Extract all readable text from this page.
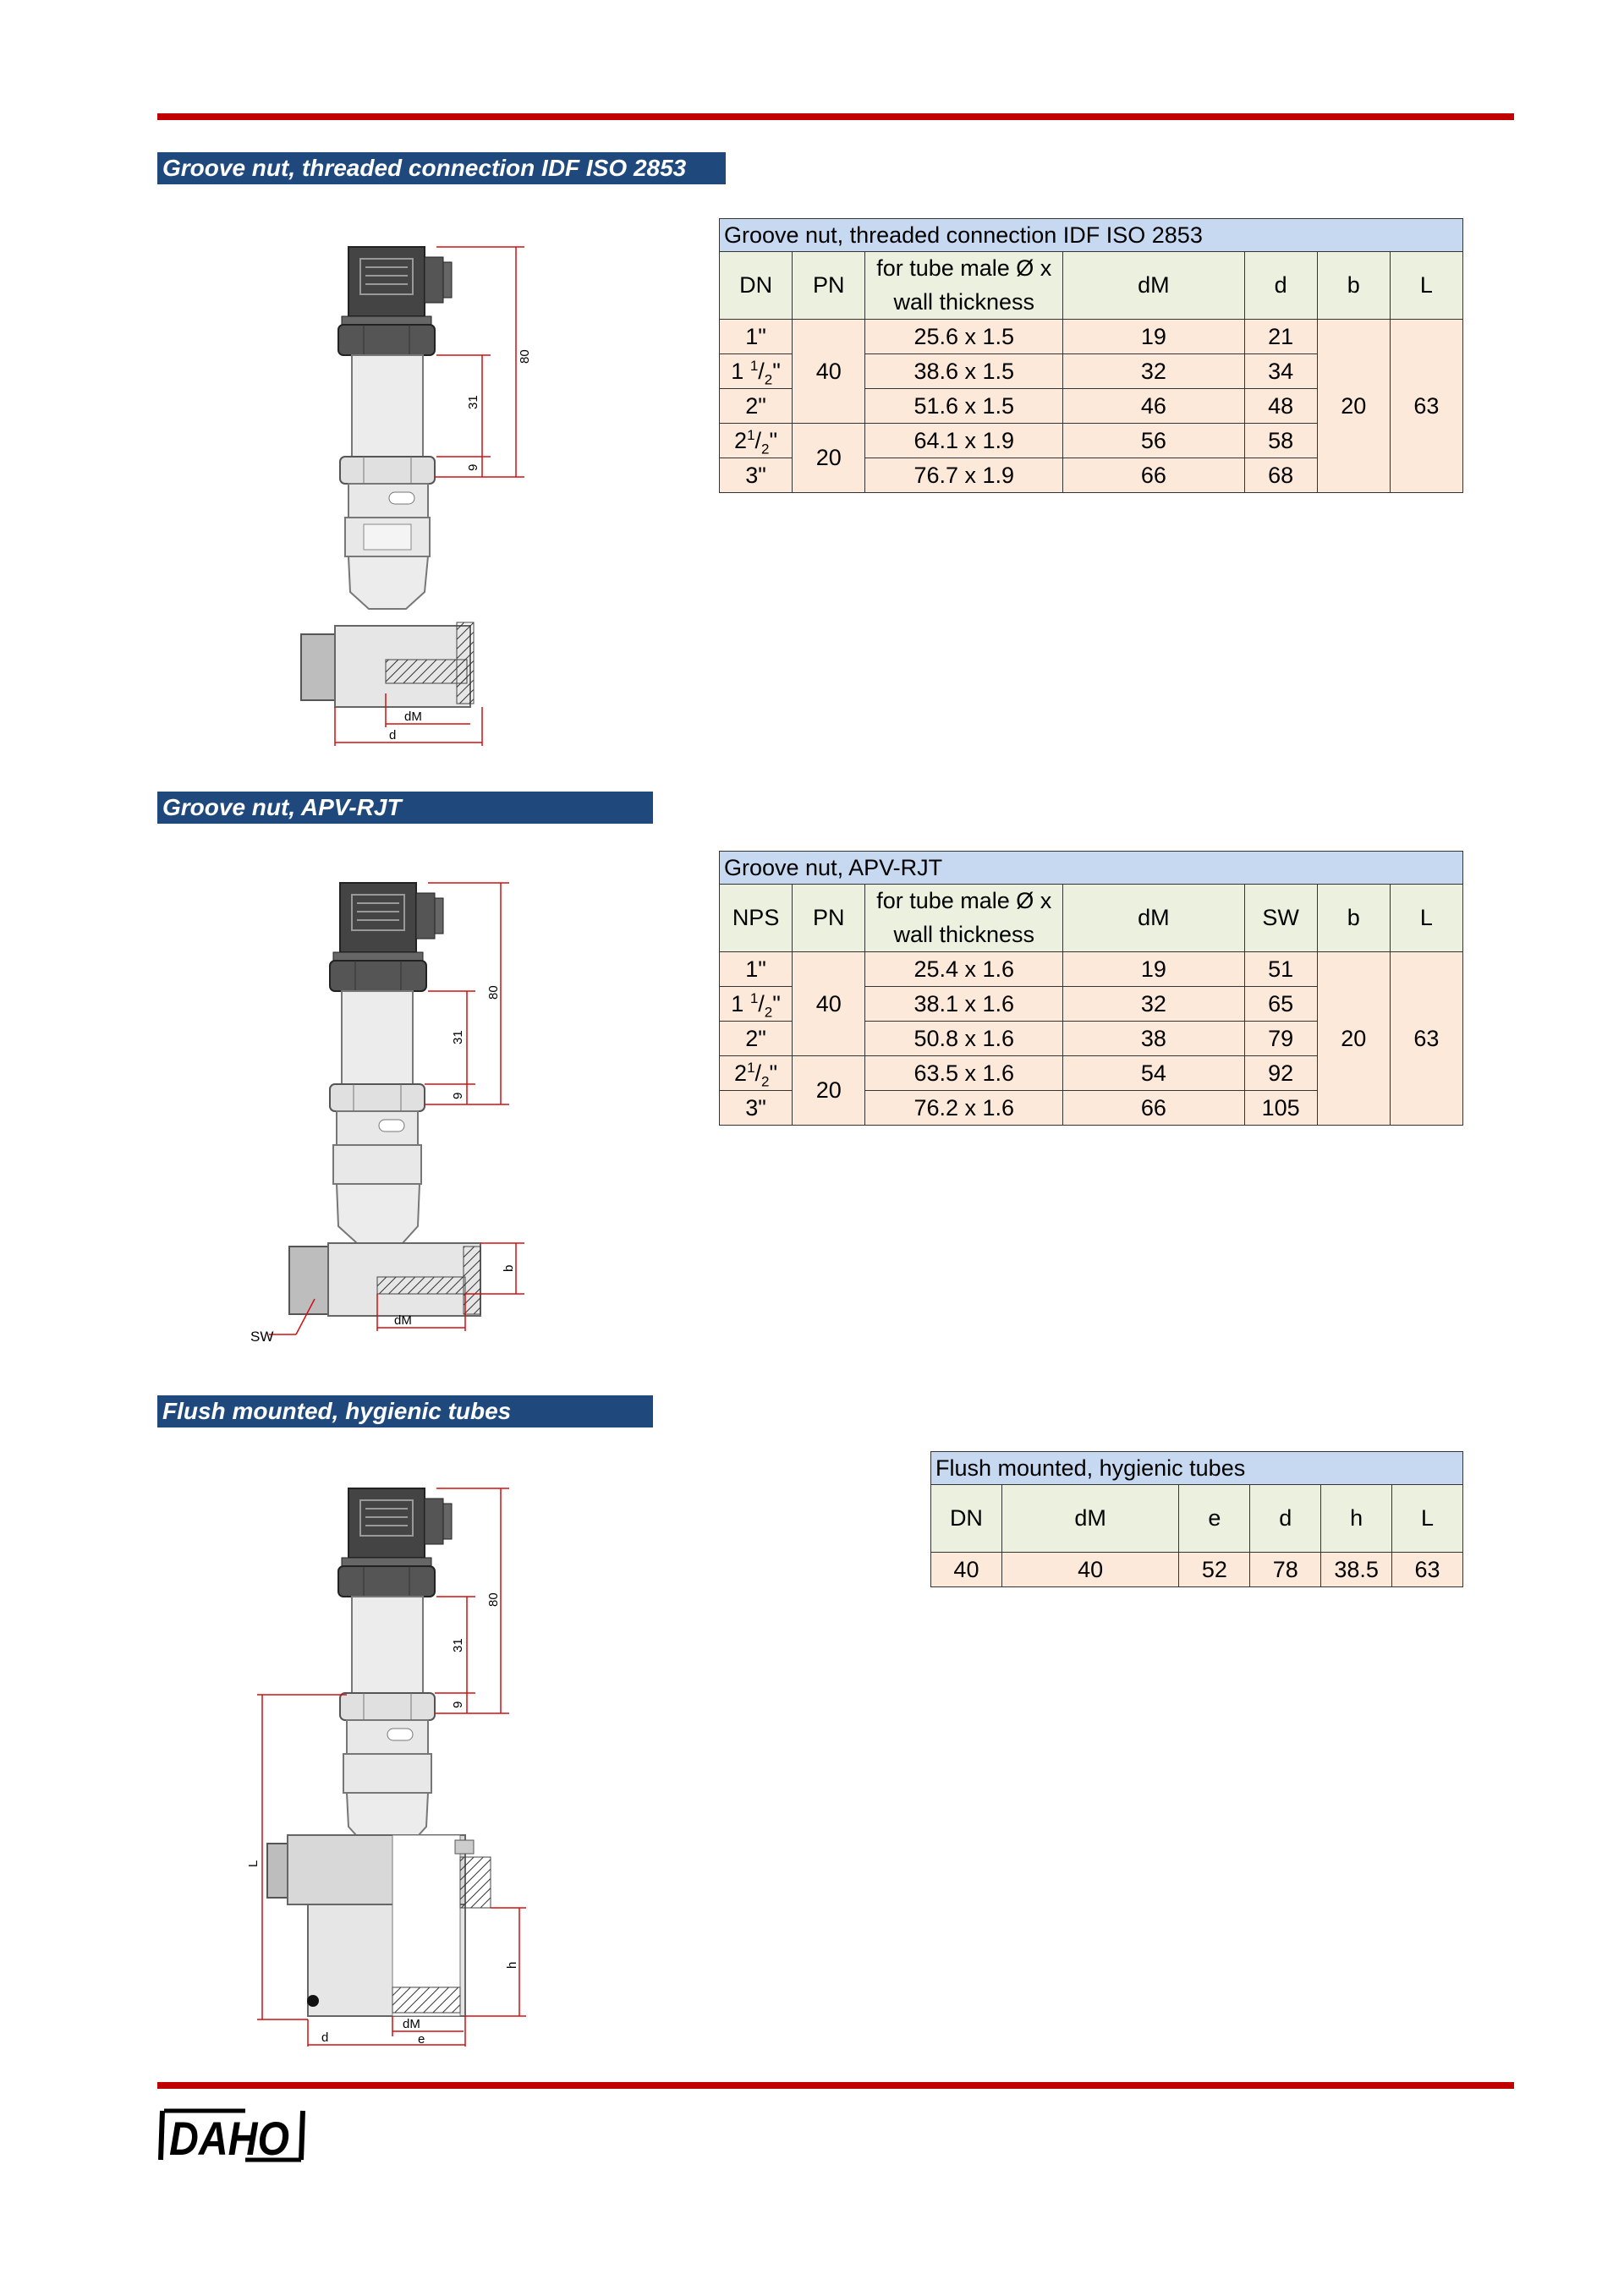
Groove nut, threaded connection IDF ISO 2853
80
31
9
dM
d
Groove nut, threaded connection IDF ISO 2853						
DN	PN	for tube male Ø x wall thickness	dM	d	b	L
1"	40	25.6 x 1.5	19	21	20	63
1 $^1/_2$"		38.6 x 1.5	32	34		
2"		51.6 x 1.5	46	48		
$2^1/_2$"	20	64.1 x 1.9	56	58		
3"		76.7 x 1.9	66	68		
Groove nut, APV-RJT
80
31
9
b
dM
SW
Groove nut, APV-RJT						
NPS	PN	for tube male Ø x wall thickness	dM	SW	b	L
1"	40	25.4 x 1.6	19	51	20	63
1 $^1/_2$"		38.1 x 1.6	32	65		
2"		50.8 x 1.6	38	79		
$2^1/_2$"	20	63.5 x 1.6	54	92		
3"		76.2 x 1.6	66	105		
Flush mounted, hygienic tubes
80
31
9
L
h
dM
d	e
Flush mounted, hygienic tubes					
DN	dM	e	d	h	L
40	40	52	78	38.5	63
DAHO
